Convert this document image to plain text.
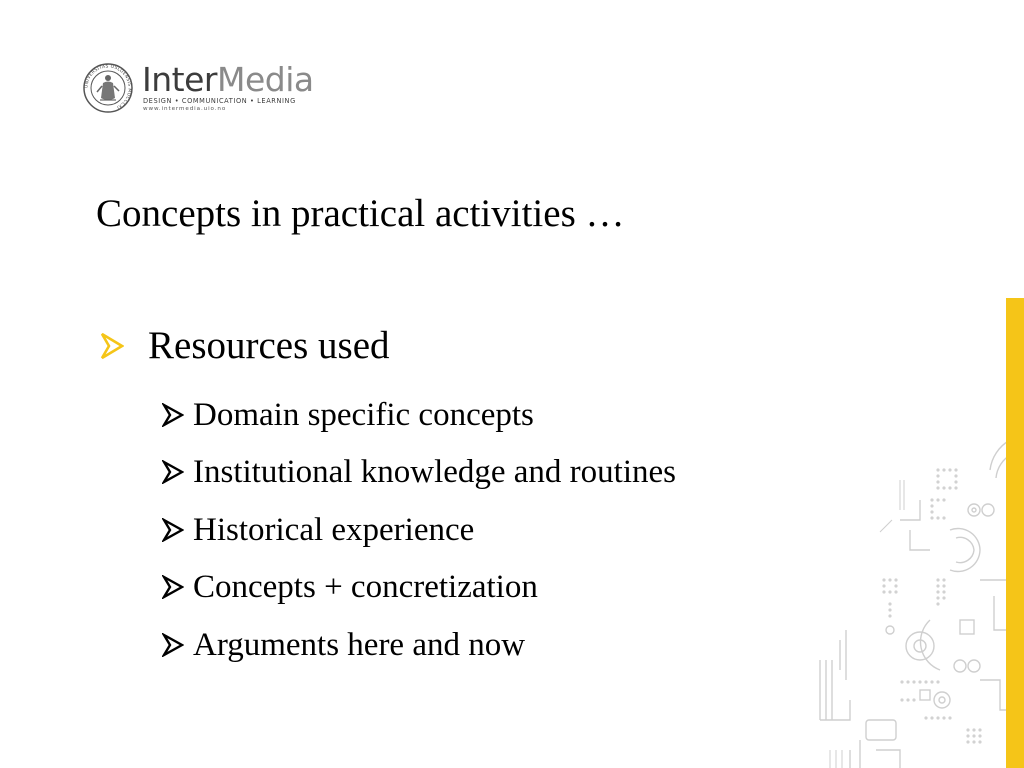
UNIVERSITAS OSLOENSIS MDCCCXI
InterMedia
DESIGN • COMMUNICATION • LEARNING
www.intermedia.uio.no
Concepts in practical activities …
Resources used
Domain specific concepts
Institutional knowledge and routines
Historical experience
Concepts + concretization
Arguments here and now
